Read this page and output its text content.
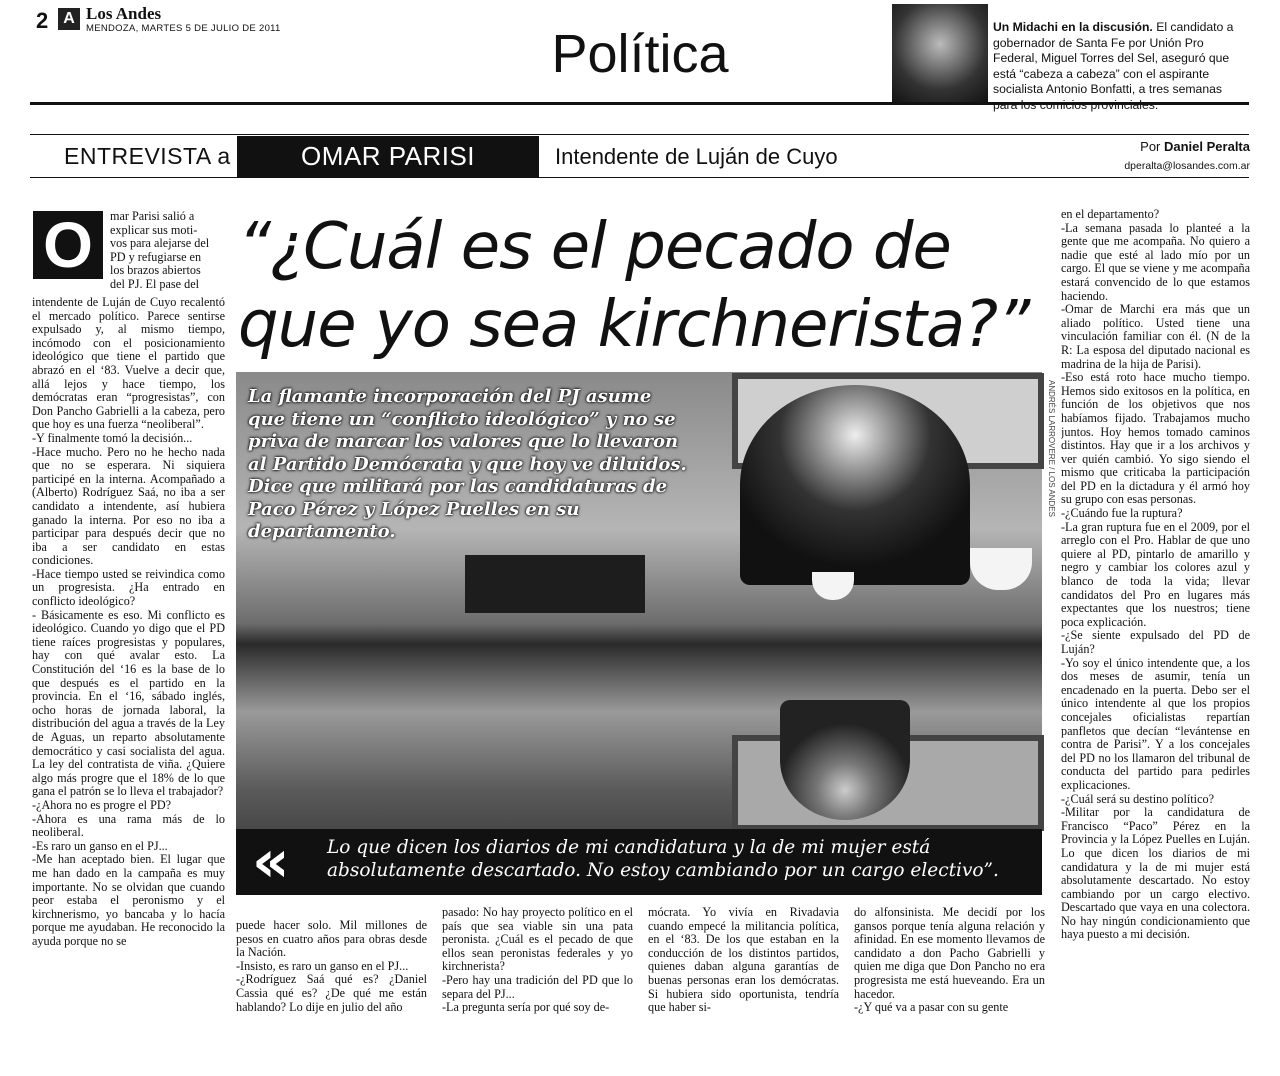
2 A Los Andes
MENDOZA, MARTES 5 DE JULIO DE 2011	Política	Un Midachi en la discusión. El candidato a gobernador de Santa Fe por Unión Pro Federal, Miguel Torres del Sel, aseguró que está “cabeza a cabeza” con el aspirante socialista Antonio Bonfatti, a tres semanas
ENTREVISTA a	OMAR PARISI	Intendente de Luján de Cuyo	Por Daniel Peralta
dperalta@losandes.com.ar
“¿Cuál es el pecado de que yo sea kirchnerista?”
O	mar Parisi salió a
explicar sus moti-
vos para alejarse del
PD y refugiarse en
los brazos abiertos
del PJ. El pase del
intendente de Luján de Cuyo recalentó el mercado político. Parece sentirse expulsado y, al mismo tiempo, incómodo con el posicionamiento ideológico que tiene el partido que abrazó en el ‘83. Vuelve a decir que, allá lejos y hace tiempo, los demócratas eran “progresistas”, con Don Pancho Gabrielli a la cabeza, pero que hoy es una fuerza “neoliberal”.
-Y finalmente tomó la decisión...
-Hace mucho. Pero no he hecho nada que no se esperara. Ni siquiera participé en la interna. Acompañado a (Alberto) Rodríguez Saá, no iba a ser candidato a intendente, así hubiera ganado la interna. Por eso no iba a participar para después decir que no iba a ser candidato en estas condiciones.
-Hace tiempo usted se reivindica como un progresista. ¿Ha entrado en conflicto ideológico?
- Básicamente es eso. Mi conflicto es ideológico. Cuando yo digo que el PD tiene raíces progresistas y populares, hay con qué avalar esto. La Constitución del ‘16 es la base de lo que después es el partido en la provincia. En el ‘16, sábado inglés, ocho horas de jornada laboral, la distribución del agua a través de la Ley de Aguas, un reparto absolutamente democrático y casi socialista del agua. La ley del contratista de viña. ¿Quiere algo más progre que el 18% de lo que gana el patrón se lo lleva el trabajador?
-¿Ahora no es progre el PD?
-Ahora es una rama más de lo neoliberal.
-Es raro un ganso en el PJ...
-Me han aceptado bien. El lugar que me han dado en la campaña es muy importante. No se olvidan que cuando peor estaba el peronismo y el kirchnerismo, yo bancaba y lo hacía porque me ayudaban. He reconocido la ayuda porque no se
puede hacer solo. Mil millones de pesos en cuatro años para obras desde la Nación.
-Insisto, es raro un ganso en el PJ...
-¿Rodríguez Saá qué es? ¿Daniel Cassia qué es? ¿De qué me están hablando? Lo dije en julio del año
pasado: No hay proyecto político en el país que sea viable sin una pata peronista. ¿Cuál es el pecado de que ellos sean peronistas federales y yo kirchnerista?
-Pero hay una tradición del PD que lo separa del PJ...
-La pregunta sería por qué soy de-
mócrata. Yo vivía en Rivadavia cuando empecé la militancia política, en el ‘83. De los que estaban en la conducción de los distintos partidos, quienes daban alguna garantías de buenas personas eran los demócratas. Si hubiera sido oportunista, tendría que haber si-
do alfonsinista. Me decidí por los gansos porque tenía alguna relación y afinidad. En ese momento llevamos de candidato a don Pacho Gabrielli y quien me diga que Don Pancho no era progresista me está hueveando. Era un hacedor.
-¿Y qué va a pasar con su gente
en el departamento?
-La semana pasada lo planteé a la gente que me acompaña. No quiero a nadie que esté al lado mío por un cargo. El que se viene y me acompaña estará convencido de lo que estamos haciendo.
-Omar de Marchi era más que un aliado político. Usted tiene una vinculación familiar con él. (N de la R: La esposa del diputado nacional es madrina de la hija de Parisi).
-Eso está roto hace mucho tiempo. Hemos sido exitosos en la política, en función de los objetivos que nos habíamos fijado. Trabajamos mucho juntos. Hoy hemos tomado caminos distintos. Hay que ir a los archivos y ver quién cambió. Yo sigo siendo el mismo que criticaba la participación del PD en la dictadura y él armó hoy su grupo con esas personas.
-¿Cuándo fue la ruptura?
-La gran ruptura fue en el 2009, por el arreglo con el Pro. Hablar de que uno quiere al PD, pintarlo de amarillo y negro y cambiar los colores azul y blanco de toda la vida; llevar candidatos del Pro en lugares más expectantes que los nuestros; tiene poca explicación.
-¿Se siente expulsado del PD de Luján?
-Yo soy el único intendente que, a los dos meses de asumir, tenía un encadenado en la puerta. Debo ser el único intendente al que los propios concejales oficialistas repartían panfletos que decían “levántense en contra de Parisi”. Y a los concejales del PD no los llamaron del tribunal de conducta del partido para pedirles explicaciones.
-¿Cuál será su destino político?
-Militar por la candidatura de Francisco “Paco” Pérez en la Provincia y la López Puelles en Luján. Lo que dicen los diarios de mi candidatura y la de mi mujer está absolutamente descartado. No estoy cambiando por un cargo electivo. Descartado que vaya en una colectora. No hay ningún condicionamiento que haya puesto a mi decisión.
ANDRÉS LARROVERE / LOS ANDES
La flamante incorporación del PJ asume que tiene un “conflicto ideológico” y no se priva de marcar los valores que lo llevaron al Partido Demócrata y que hoy ve diluidos. Dice que militará por las candidaturas de Paco Pérez y López Puelles en su departamento.
« Lo que dicen los diarios de mi candidatura y la de mi mujer está absolutamente descartado. No estoy cambiando por un cargo electivo”.
